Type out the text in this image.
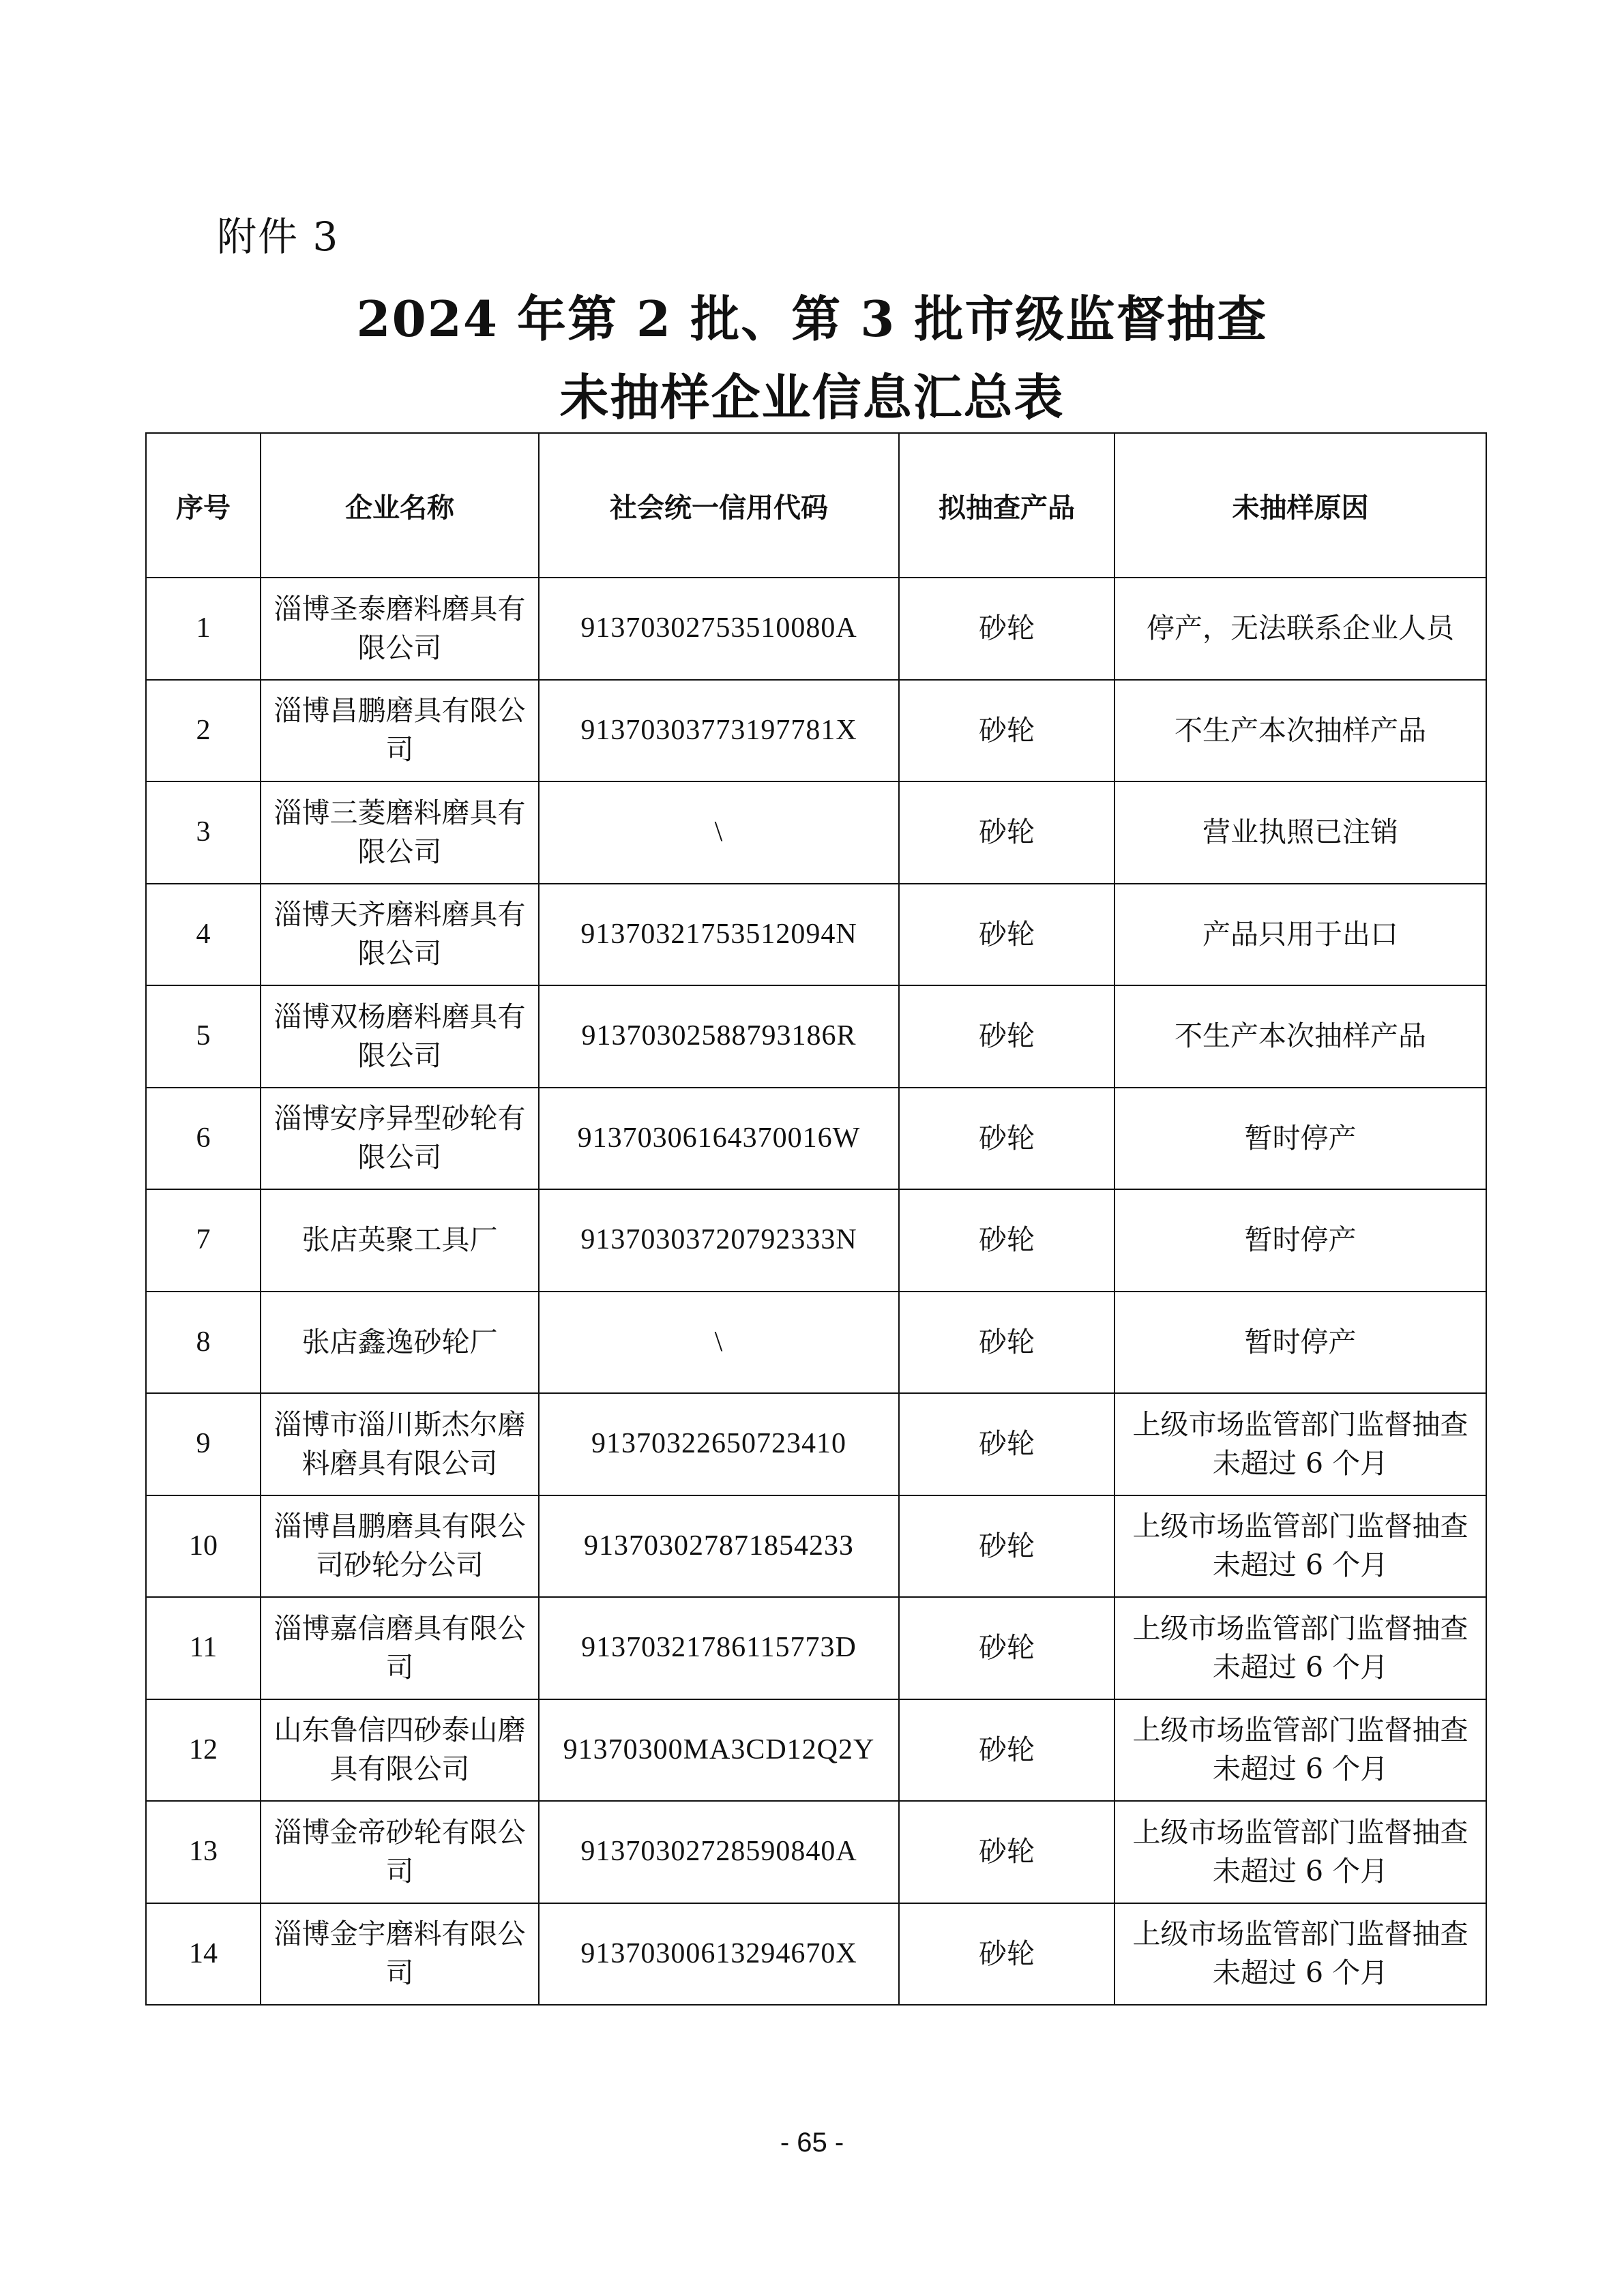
附件 3
2024 年第 2 批、第 3 批市级监督抽查
未抽样企业信息汇总表
序号	企业名称	社会统一信用代码	拟抽查产品	未抽样原因
1	淄博圣泰磨料磨具有限公司	91370302753510080A	砂轮	停产，无法联系企业人员
2	淄博昌鹏磨具有限公司	91370303773197781X	砂轮	不生产本次抽样产品
3	淄博三菱磨料磨具有限公司	\	砂轮	营业执照已注销
4	淄博天齐磨料磨具有限公司	91370321753512094N	砂轮	产品只用于出口
5	淄博双杨磨料磨具有限公司	91370302588793186R	砂轮	不生产本次抽样产品
6	淄博安序异型砂轮有限公司	91370306164370016W	砂轮	暂时停产
7	张店英聚工具厂	91370303720792333N	砂轮	暂时停产
8	张店鑫逸砂轮厂	\	砂轮	暂时停产
9	淄博市淄川斯杰尔磨料磨具有限公司	91370322650723410	砂轮	上级市场监管部门监督抽查未超过 6 个月
10	淄博昌鹏磨具有限公司砂轮分公司	91370302787185423З	砂轮	上级市场监管部门监督抽查未超过 6 个月
11	淄博嘉信磨具有限公司	91370321786115773D	砂轮	上级市场监管部门监督抽查未超过 6 个月
12	山东鲁信四砂泰山磨具有限公司	91370300MA3CD12Q2Y	砂轮	上级市场监管部门监督抽查未超过 6 个月
13	淄博金帝砂轮有限公司	91370302728590840A	砂轮	上级市场监管部门监督抽查未超过 6 个月
14	淄博金宇磨料有限公司	91370300613294670X	砂轮	上级市场监管部门监督抽查未超过 6 个月
- 65 -
